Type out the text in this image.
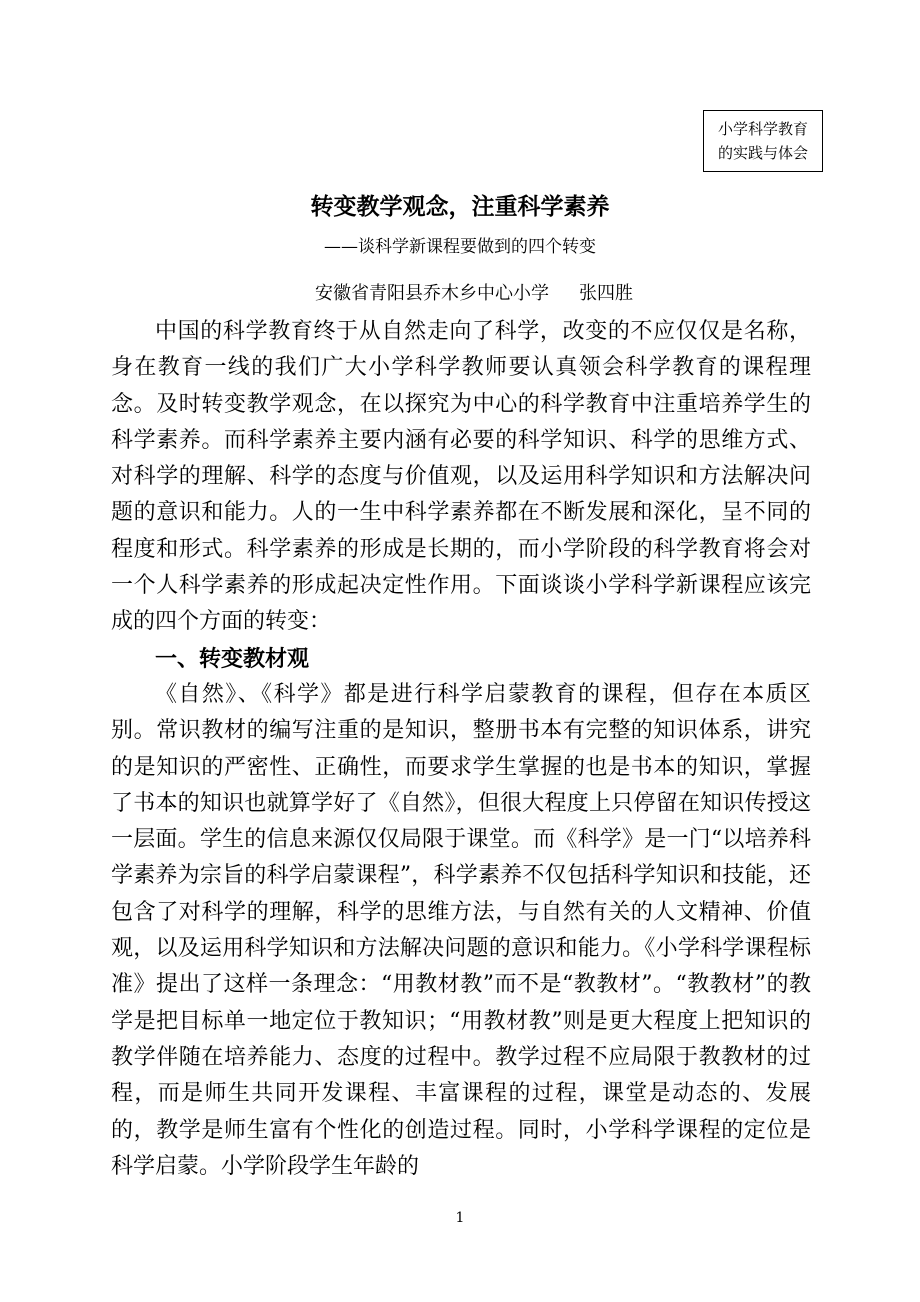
小学科学教育
的实践与体会
转变教学观念，注重科学素养
——谈科学新课程要做到的四个转变
安徽省青阳县乔木乡中心小学 张四胜

中国的科学教育终于从自然走向了科学，改变的不应仅仅是名称，身在教育一线的我们广大小学科学教师要认真领会科学教育的课程理念。及时转变教学观念，在以探究为中心的科学教育中注重培养学生的科学素养。而科学素养主要内涵有必要的科学知识、科学的思维方式、对科学的理解、科学的态度与价值观，以及运用科学知识和方法解决问题的意识和能力。人的一生中科学素养都在不断发展和深化，呈不同的程度和形式。科学素养的形成是长期的，而小学阶段的科学教育将会对一个人科学素养的形成起决定性作用。下面谈谈小学科学新课程应该完成的四个方面的转变：

一、转变教材观

《自然》、《科学》都是进行科学启蒙教育的课程，但存在本质区别。常识教材的编写注重的是知识，整册书本有完整的知识体系，讲究的是知识的严密性、正确性，而要求学生掌握的也是书本的知识，掌握了书本的知识也就算学好了《自然》，但很大程度上只停留在知识传授这一层面。学生的信息来源仅仅局限于课堂。而《科学》是一门“以培养科学素养为宗旨的科学启蒙课程”，科学素养不仅包括科学知识和技能，还包含了对科学的理解，科学的思维方法，与自然有关的人文精神、价值观，以及运用科学知识和方法解决问题的意识和能力。《小学科学课程标准》提出了这样一条理念：“用教材教”而不是“教教材”。“教教材”的教学是把目标单一地定位于教知识；“用教材教”则是更大程度上把知识的教学伴随在培养能力、态度的过程中。教学过程不应局限于教教材的过程，而是师生共同开发课程、丰富课程的过程，课堂是动态的、发展的，教学是师生富有个性化的创造过程。同时，小学科学课程的定位是科学启蒙。小学阶段学生年龄的

1
